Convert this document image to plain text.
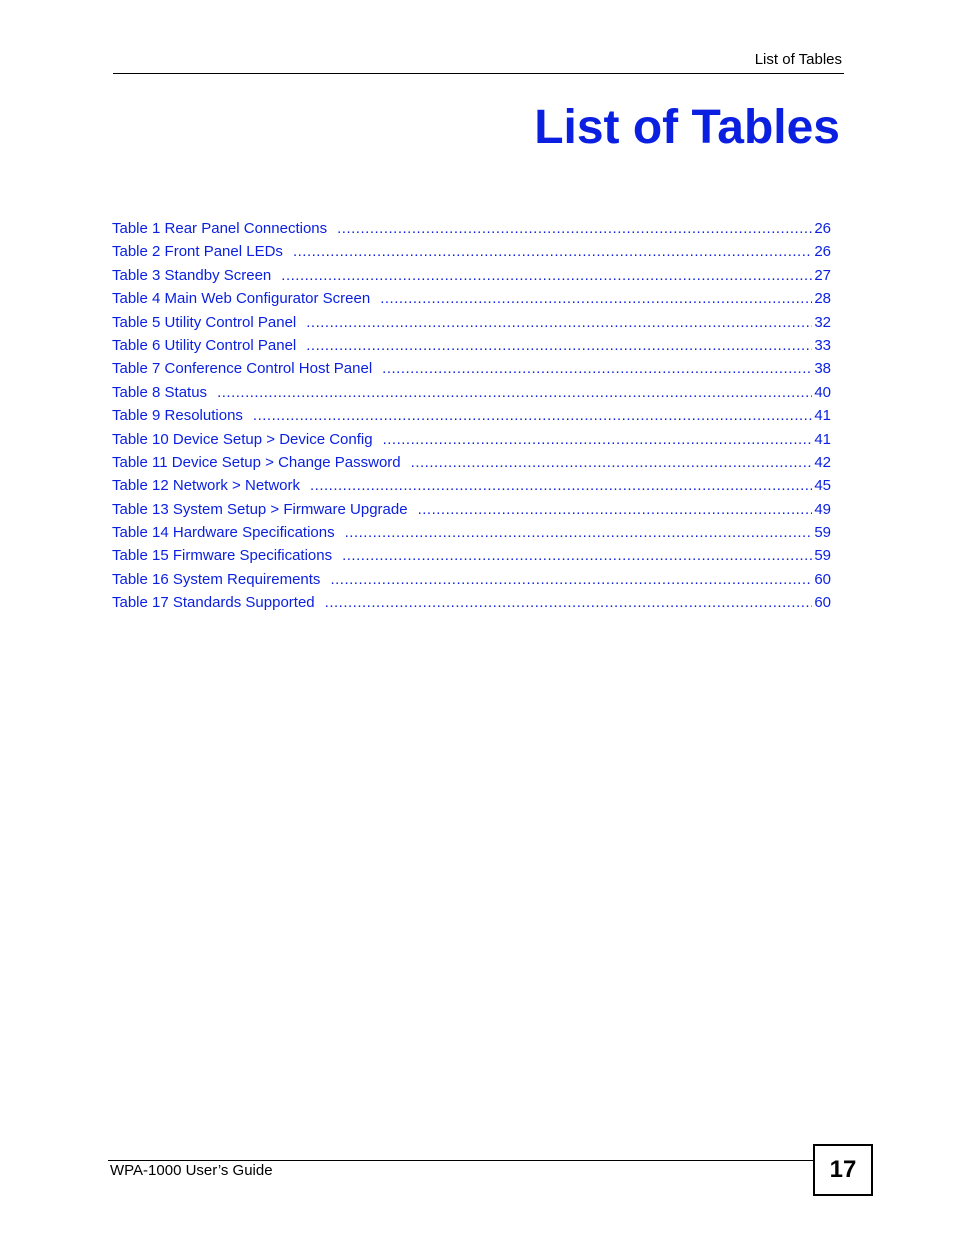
List of Tables
List of Tables
Table 1 Rear Panel Connections .....	26
Table 2 Front Panel LEDs .....	26
Table 3 Standby Screen .....	27
Table 4 Main Web Configurator Screen .....	28
Table 5 Utility Control Panel .....	32
Table 6 Utility Control Panel .....	33
Table 7 Conference Control Host Panel .....	38
Table 8 Status .....	40
Table 9 Resolutions .....	41
Table 10 Device Setup > Device Config .....	41
Table 11 Device Setup > Change Password .....	42
Table 12 Network > Network .....	45
Table 13 System Setup > Firmware Upgrade .....	49
Table 14 Hardware Specifications .....	59
Table 15 Firmware Specifications .....	59
Table 16 System Requirements .....	60
Table 17 Standards Supported .....	60
WPA-1000 User’s Guide	17
